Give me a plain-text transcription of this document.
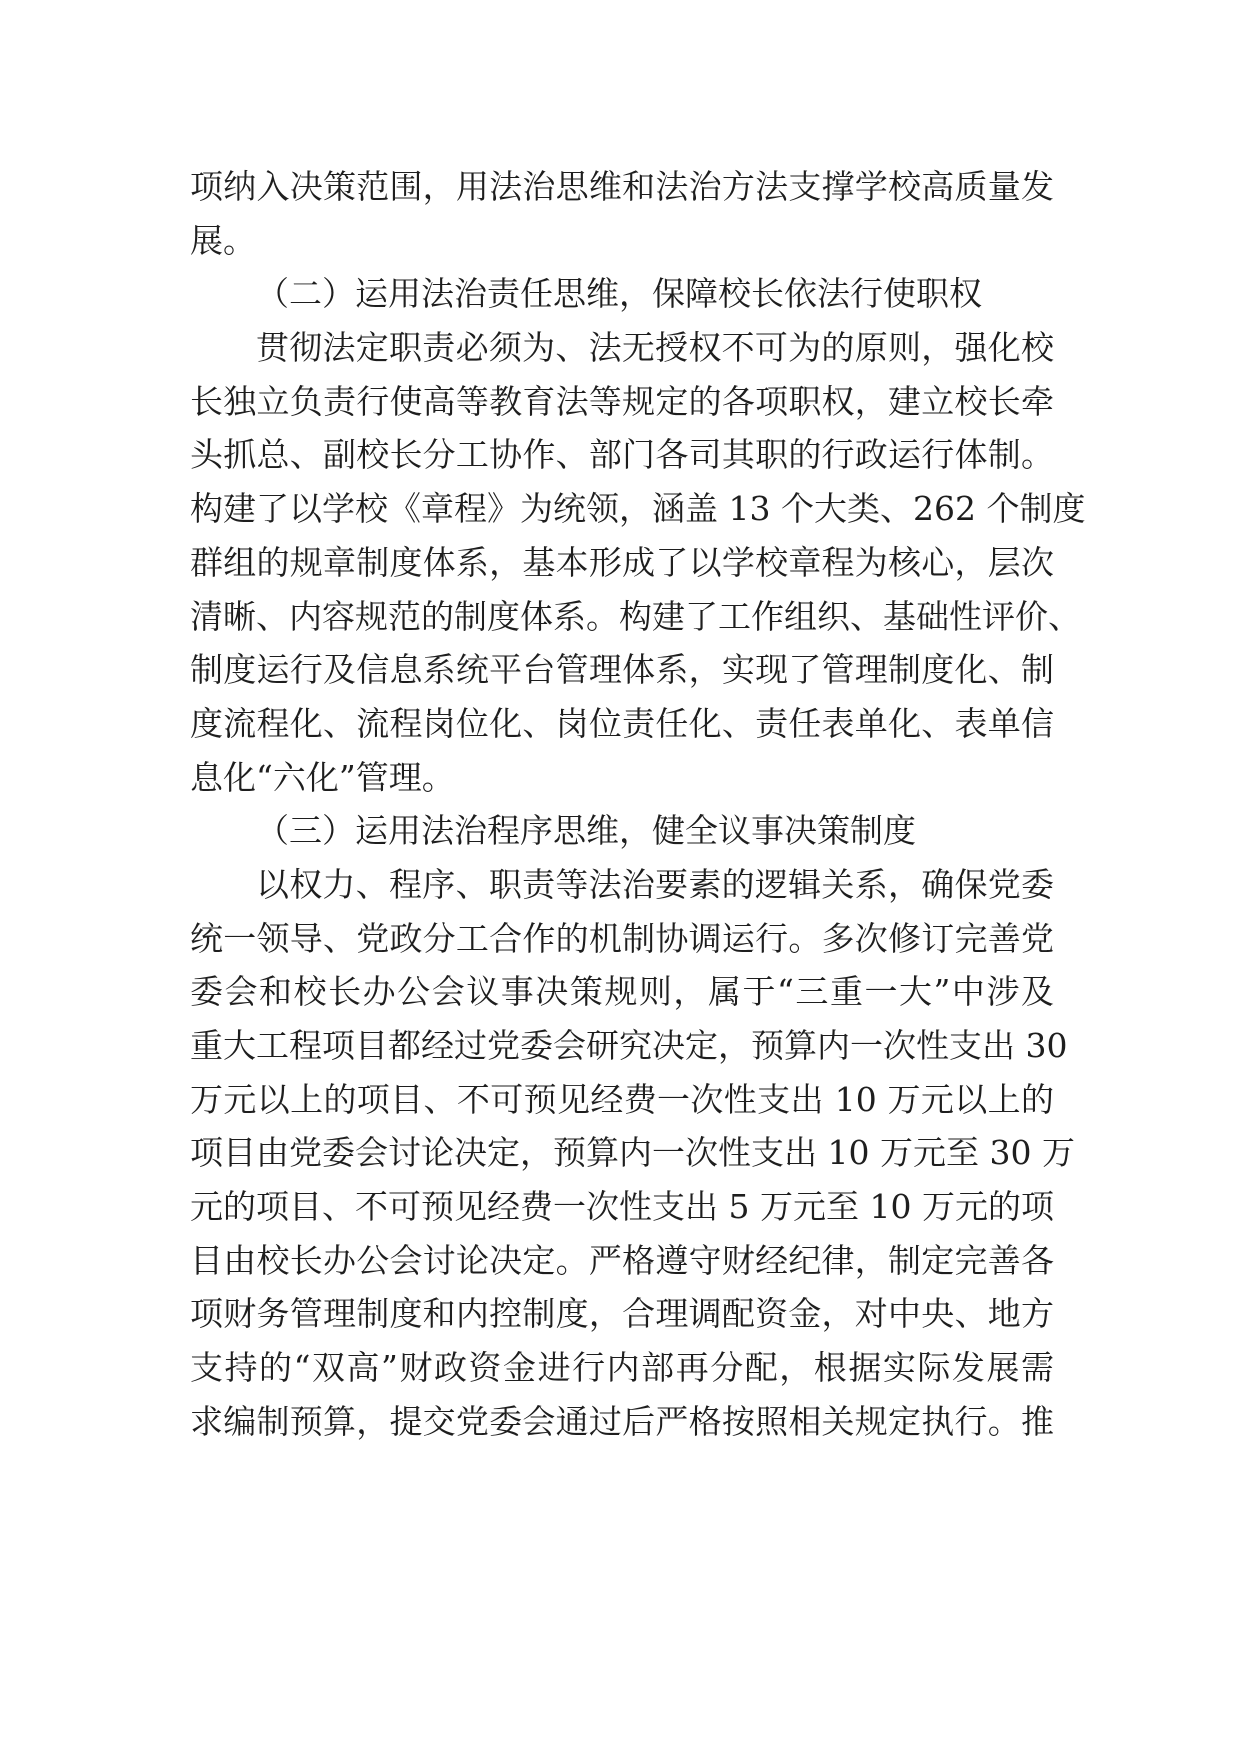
项纳入决策范围，用法治思维和法治方法支撑学校高质量发
展。
（二）运用法治责任思维，保障校长依法行使职权
贯彻法定职责必须为、法无授权不可为的原则，强化校
长独立负责行使高等教育法等规定的各项职权，建立校长牵
头抓总、副校长分工协作、部门各司其职的行政运行体制。
构建了以学校《章程》为统领，涵盖 13 个大类、262 个制度
群组的规章制度体系，基本形成了以学校章程为核心，层次
清晰、内容规范的制度体系。构建了工作组织、基础性评价、
制度运行及信息系统平台管理体系，实现了管理制度化、制
度流程化、流程岗位化、岗位责任化、责任表单化、表单信
息化“六化”管理。
（三）运用法治程序思维，健全议事决策制度
以权力、程序、职责等法治要素的逻辑关系，确保党委
统一领导、党政分工合作的机制协调运行。多次修订完善党
委会和校长办公会议事决策规则，属于“三重一大”中涉及
重大工程项目都经过党委会研究决定，预算内一次性支出 30
万元以上的项目、不可预见经费一次性支出 10 万元以上的
项目由党委会讨论决定，预算内一次性支出 10 万元至 30 万
元的项目、不可预见经费一次性支出 5 万元至 10 万元的项
目由校长办公会讨论决定。严格遵守财经纪律，制定完善各
项财务管理制度和内控制度，合理调配资金，对中央、地方
支持的“双高”财政资金进行内部再分配，根据实际发展需
求编制预算，提交党委会通过后严格按照相关规定执行。推
